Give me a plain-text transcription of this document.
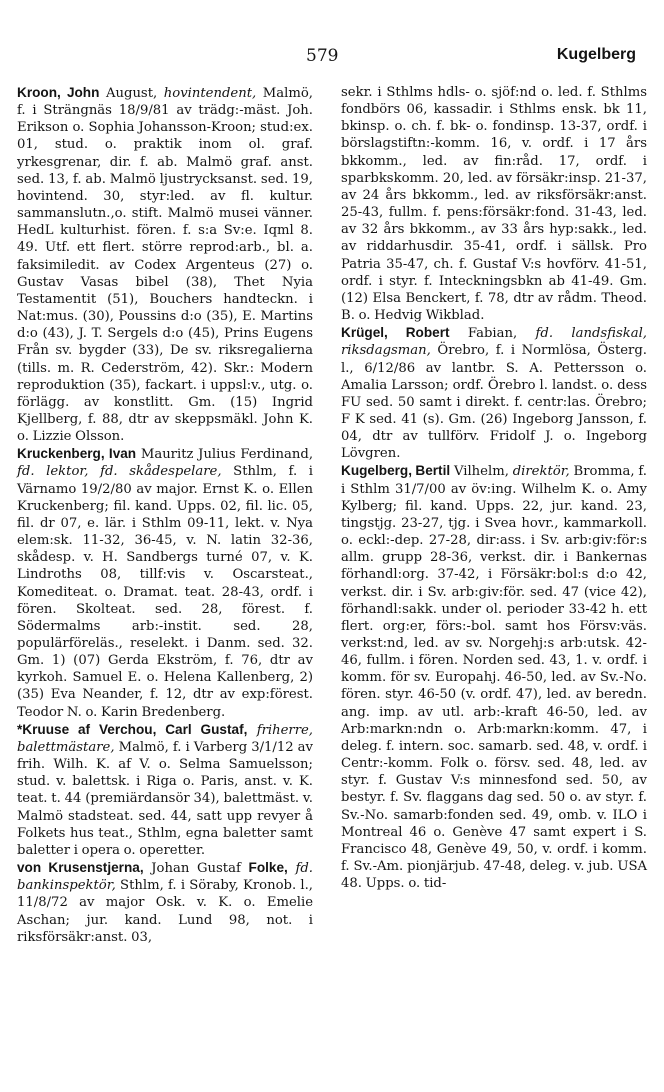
579	Kugelberg

Kroon, John August, hovintendent, Malmö, f. i Strängnäs 18/9/81 av trädg:-mäst. Joh. Erikson o. Sophia Johansson-Kroon; stud:ex. 01, stud. o. praktik inom ol. graf. yrkesgrenar, dir. f. ab. Malmö graf. anst. sed. 13, f. ab. Malmö ljustrycksanst. sed. 19, hovintend. 30, styr:led. av fl. kultur. sammanslutn.,o. stift. Malmö musei vänner. HedL kulturhist. fören. f. s:a Sv:e. Iqml 8. 49. Utf. ett flert. större reprod:arb., bl. a. faksimiledit. av Codex Argenteus (27) o. Gustav Vasas bibel (38), Thet Nyia Testamentit (51), Bouchers handteckn. i Nat:mus. (30), Poussins d:o (35), E. Martins d:o (43), J. T. Sergels d:o (45), Prins Eugens Från sv. bygder (33), De sv. riksregalierna (tills. m. R. Cederström, 42). Skr.: Modern reproduktion (35), fackart. i uppsl:v., utg. o. förlägg. av konstlitt. Gm. (15) Ingrid Kjellberg, f. 88, dtr av skeppsmäkl. John K. o. Lizzie Olsson.

Kruckenberg, Ivan Mauritz Julius Ferdinand, fd. lektor, fd. skådespelare, Sthlm, f. i Värnamo 19/2/80 av major. Ernst K. o. Ellen Kruckenberg; fil. kand. Upps. 02, fil. lic. 05, fil. dr 07, e. lär. i Sthlm 09-11, lekt. v. Nya elem:sk. 11-32, 36-45, v. N. latin 32-36, skådesp. v. H. Sandbergs turné 07, v. K. Lindroths 08, tillf:vis v. Oscarsteat., Komediteat. o. Dramat. teat. 28-43, ordf. i fören. Skolteat. sed. 28, förest. f. Södermalms arb:-instit. sed. 28, populärföreläs., reselekt. i Danm. sed. 32. Gm. 1) (07) Gerda Ekström, f. 76, dtr av kyrkoh. Samuel E. o. Helena Kallenberg, 2) (35) Eva Neander, f. 12, dtr av exp:förest. Teodor N. o. Karin Bredenberg.

*Kruuse af Verchou, Carl Gustaf, friherre, balettmästare, Malmö, f. i Varberg 3/1/12 av frih. Wilh. K. af V. o. Selma Samuelsson; stud. v. balettsk. i Riga o. Paris, anst. v. K. teat. t. 44 (premiärdansör 34), balettmäst. v. Malmö stadsteat. sed. 44, satt upp revyer å Folkets hus teat., Sthlm, egna baletter samt baletter i opera o. operetter.

von Krusenstjerna, Johan Gustaf Folke, fd. bankinspektör, Sthlm, f. i Söraby, Kronob. l., 11/8/72 av major Osk. v. K. o. Emelie Aschan; jur. kand. Lund 98, not. i riksförsäkr:anst. 03,

sekr. i Sthlms hdls- o. sjöf:nd o. led. f. Sthlms fondbörs 06, kassadir. i Sthlms ensk. bk 11, bkinsp. o. ch. f. bk- o. fondinsp. 13-37, ordf. i börslagstiftn:-komm. 16, v. ordf. i 17 års bkkomm., led. av fin:råd. 17, ordf. i sparbkskomm. 20, led. av försäkr:insp. 21-37, av 24 års bkkomm., led. av riksförsäkr:anst. 25-43, fullm. f. pens:försäkr:fond. 31-43, led. av 32 års bkkomm., av 33 års hyp:sakk., led. av riddarhusdir. 35-41, ordf. i sällsk. Pro Patria 35-47, ch. f. Gustaf V:s hovförv. 41-51, ordf. i styr. f. Inteckningsbkn ab 41-49. Gm. (12) Elsa Benckert, f. 78, dtr av rådm. Theod. B. o. Hedvig Wikblad.

Krügel, Robert Fabian, fd. landsfiskal, riksdagsman, Örebro, f. i Normlösa, Österg. l., 6/12/86 av lantbr. S. A. Pettersson o. Amalia Larsson; ordf. Örebro l. landst. o. dess FU sed. 50 samt i direkt. f. centr:las. Örebro; F K sed. 41 (s). Gm. (26) Ingeborg Jansson, f. 04, dtr av tullförv. Fridolf J. o. Ingeborg Lövgren.

Kugelberg, Bertil Vilhelm, direktör, Bromma, f. i Sthlm 31/7/00 av öv:ing. Wilhelm K. o. Amy Kylberg; fil. kand. Upps. 22, jur. kand. 23, tingstjg. 23-27, tjg. i Svea hovr., kammarkoll. o. eckl:-dep. 27-28, dir:ass. i Sv. arb:giv:för:s allm. grupp 28-36, verkst. dir. i Bankernas förhandl:org. 37-42, i Försäkr:bol:s d:o 42, verkst. dir. i Sv. arb:giv:för. sed. 47 (vice 42), förhandl:sakk. under ol. perioder 33-42 h. ett flert. org:er, förs:-bol. samt hos Försv:väs. verkst:nd, led. av sv. Norgehj:s arb:utsk. 42-46, fullm. i fören. Norden sed. 43, 1. v. ordf. i komm. för sv. Europahj. 46-50, led. av Sv.-No. fören. styr. 46-50 (v. ordf. 47), led. av beredn. ang. imp. av utl. arb:-kraft 46-50, led. av Arb:markn:ndn o. Arb:markn:komm. 47, i deleg. f. intern. soc. samarb. sed. 48, v. ordf. i Centr:-komm. Folk o. försv. sed. 48, led. av styr. f. Gustav V:s minnesfond sed. 50, av bestyr. f. Sv. flaggans dag sed. 50 o. av styr. f. Sv.-No. samarb:fonden sed. 49, omb. v. ILO i Montreal 46 o. Genève 47 samt expert i S. Francisco 48, Genève 49, 50, v. ordf. i komm. f. Sv.-Am. pionjärjub. 47-48, deleg. v. jub. USA 48. Upps. o. tid-
